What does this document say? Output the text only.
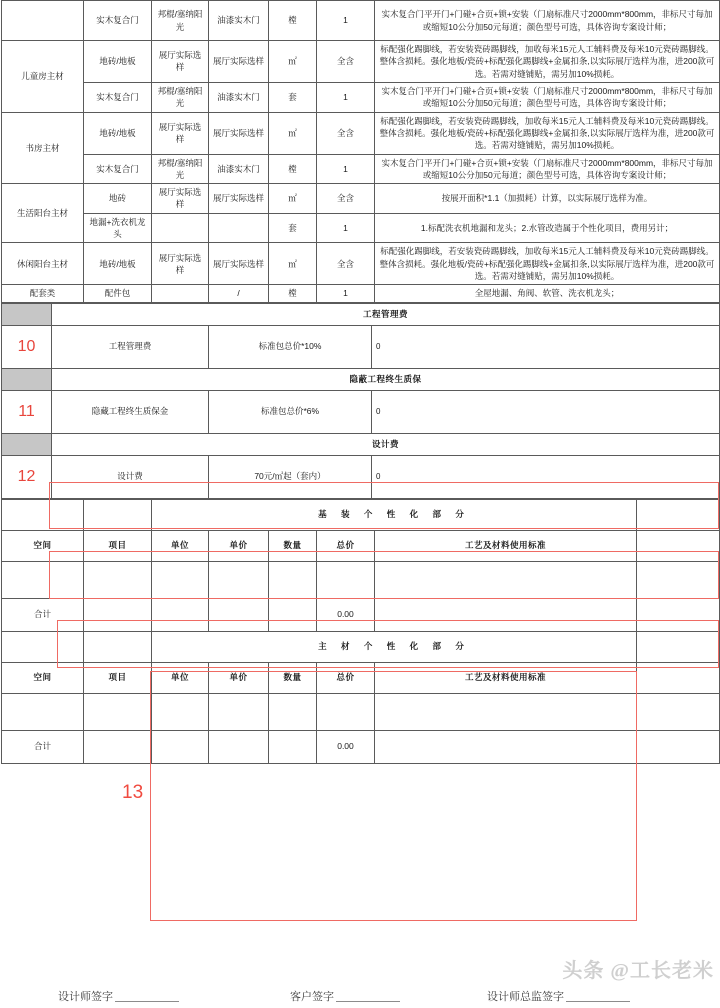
	实木复合门	邦棍/塞纳阳光	油漆实木门	樘	1	实木复合门平开门+门碰+合页+锁+安装（门扇标准尺寸2000mm*800mm，非标尺寸每加或缩短10公分加50元每道；颜色型号可选，具体咨询专案设计师；
儿童房主材	地砖/地板	展厅实际选样	展厅实际选样	㎡	全含	标配强化踢脚线，若安装瓷砖踢脚线，加收每米15元人工辅料费及每米10元瓷砖踢脚线。整体含损耗。强化地板/瓷砖+标配强化踢脚线+金属扣条,以实际展厅选样为准，进200款可选。若需对缝铺贴，需另加10%损耗。
	实木复合门	邦棍/塞纳阳光	油漆实木门	套	1	实木复合门平开门+门碰+合页+锁+安装（门扇标准尺寸2000mm*800mm，非标尺寸每加或缩短10公分加50元每道；颜色型号可选，具体咨询专案设计师；
书房主材	地砖/地板	展厅实际选样	展厅实际选样	㎡	全含	标配强化踢脚线，若安装瓷砖踢脚线，加收每米15元人工辅料费及每米10元瓷砖踢脚线。整体含损耗。强化地板/瓷砖+标配强化踢脚线+金属扣条,以实际展厅选样为准，进200款可选。若需对缝铺贴，需另加10%损耗。
	实木复合门	邦棍/塞纳阳光	油漆实木门	樘	1	实木复合门平开门+门碰+合页+锁+安装（门扇标准尺寸2000mm*800mm，非标尺寸每加或缩短10公分加50元每道；颜色型号可选，具体咨询专案设计师；
生活阳台主材	地砖	展厅实际选样	展厅实际选样	㎡	全含	按展开面积*1.1（加损耗）计算，以实际展厅选样为准。
	地漏+洗衣机龙头			套	1	1.标配洗衣机地漏和龙头；2.水管改造属于个性化项目，费用另计；
休闲阳台主材	地砖/地板	展厅实际选样	展厅实际选样	㎡	全含	标配强化踢脚线，若安装瓷砖踢脚线，加收每米15元人工辅料费及每米10元瓷砖踢脚线。整体含损耗。强化地板/瓷砖+标配强化踢脚线+金属扣条,以实际展厅选样为准，进200款可选。若需对缝铺贴，需另加10%损耗。
配套类	配件包		/	樘	1	全屋地漏、角阀、软管、洗衣机龙头；
	工程管理费		
10	工程管理费	标准包总价*10%	0
	隐蔽工程终生质保		
11	隐藏工程终生质保金	标准包总价*6%	0
	设计费		
12	设计费	70元/㎡起（套内）	0
		基 装 个 性 化 部 分					
空间	项目	单位	单价	数量	总价	工艺及材料使用标准	

合计					0.00		
		主 材 个 性 化 部 分					
空间	项目	单位	单价	数量	总价	工艺及材料使用标准	

合计					0.00		
13
头条 @工长老米
设计师签字	客户签字	设计师总监签字
